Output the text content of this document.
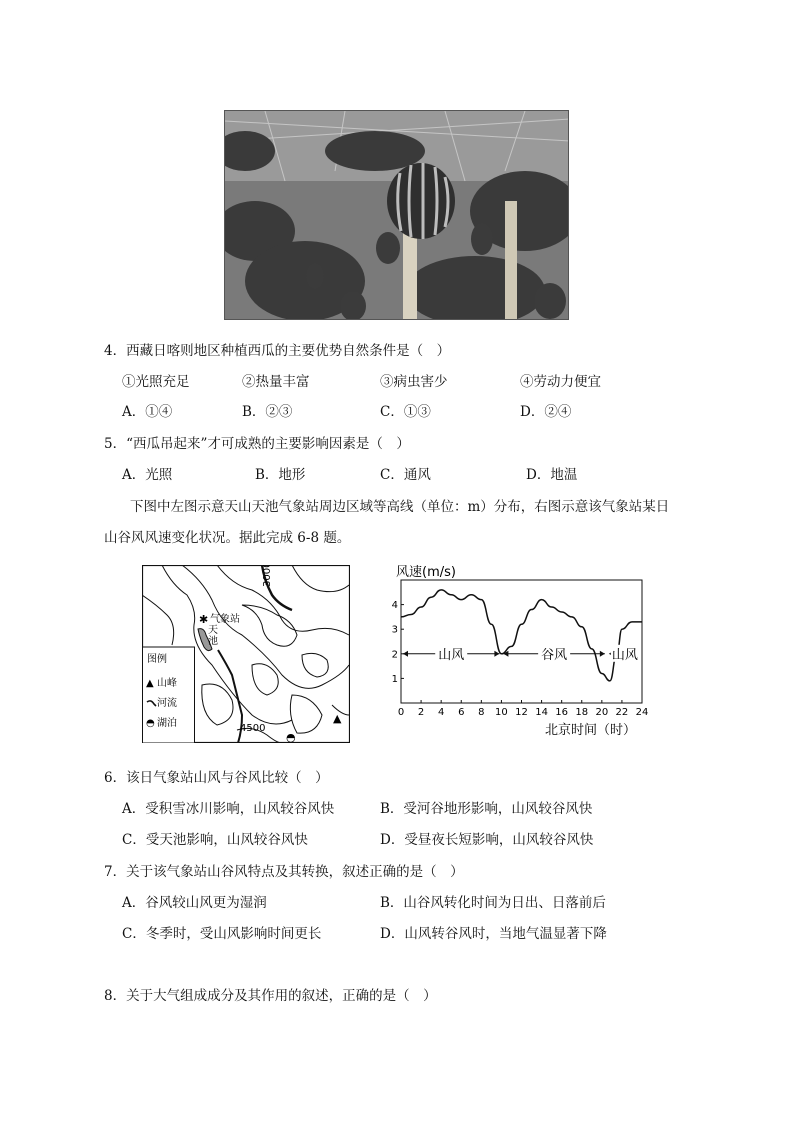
4．西藏日喀则地区种植西瓜的主要优势自然条件是（　）
①光照充足	②热量丰富	③病虫害少	④劳动力便宜
A．①④	B．②③	C．①③	D．②④
5．“西瓜吊起来”才可成熟的主要影响因素是（　）
A．光照	B．地形	C．通风	D．地温
下图中左图示意天山天池气象站周边区域等高线（单位：m）分布，右图示意该气象站某日
山谷风风速变化状况。据此完成 6-8 题。
3000
4500
✱ 气象站
天
池
▲
◓
图例
▲ 山峰
河流
◓ 湖泊
风速(m/s)
北京时间（时）
0 2 4 6 8 10 12 14 16 18 20 22 24
1
2
3
4
山风	谷风	山风
6．该日气象站山风与谷风比较（　）
A．受积雪冰川影响，山风较谷风快	B．受河谷地形影响，山风较谷风快
C．受天池影响，山风较谷风快	D．受昼夜长短影响，山风较谷风快
7．关于该气象站山谷风特点及其转换，叙述正确的是（　）
A．谷风较山风更为湿润	B．山谷风转化时间为日出、日落前后
C．冬季时，受山风影响时间更长	D．山风转谷风时，当地气温显著下降
8．关于大气组成成分及其作用的叙述，正确的是（　）
